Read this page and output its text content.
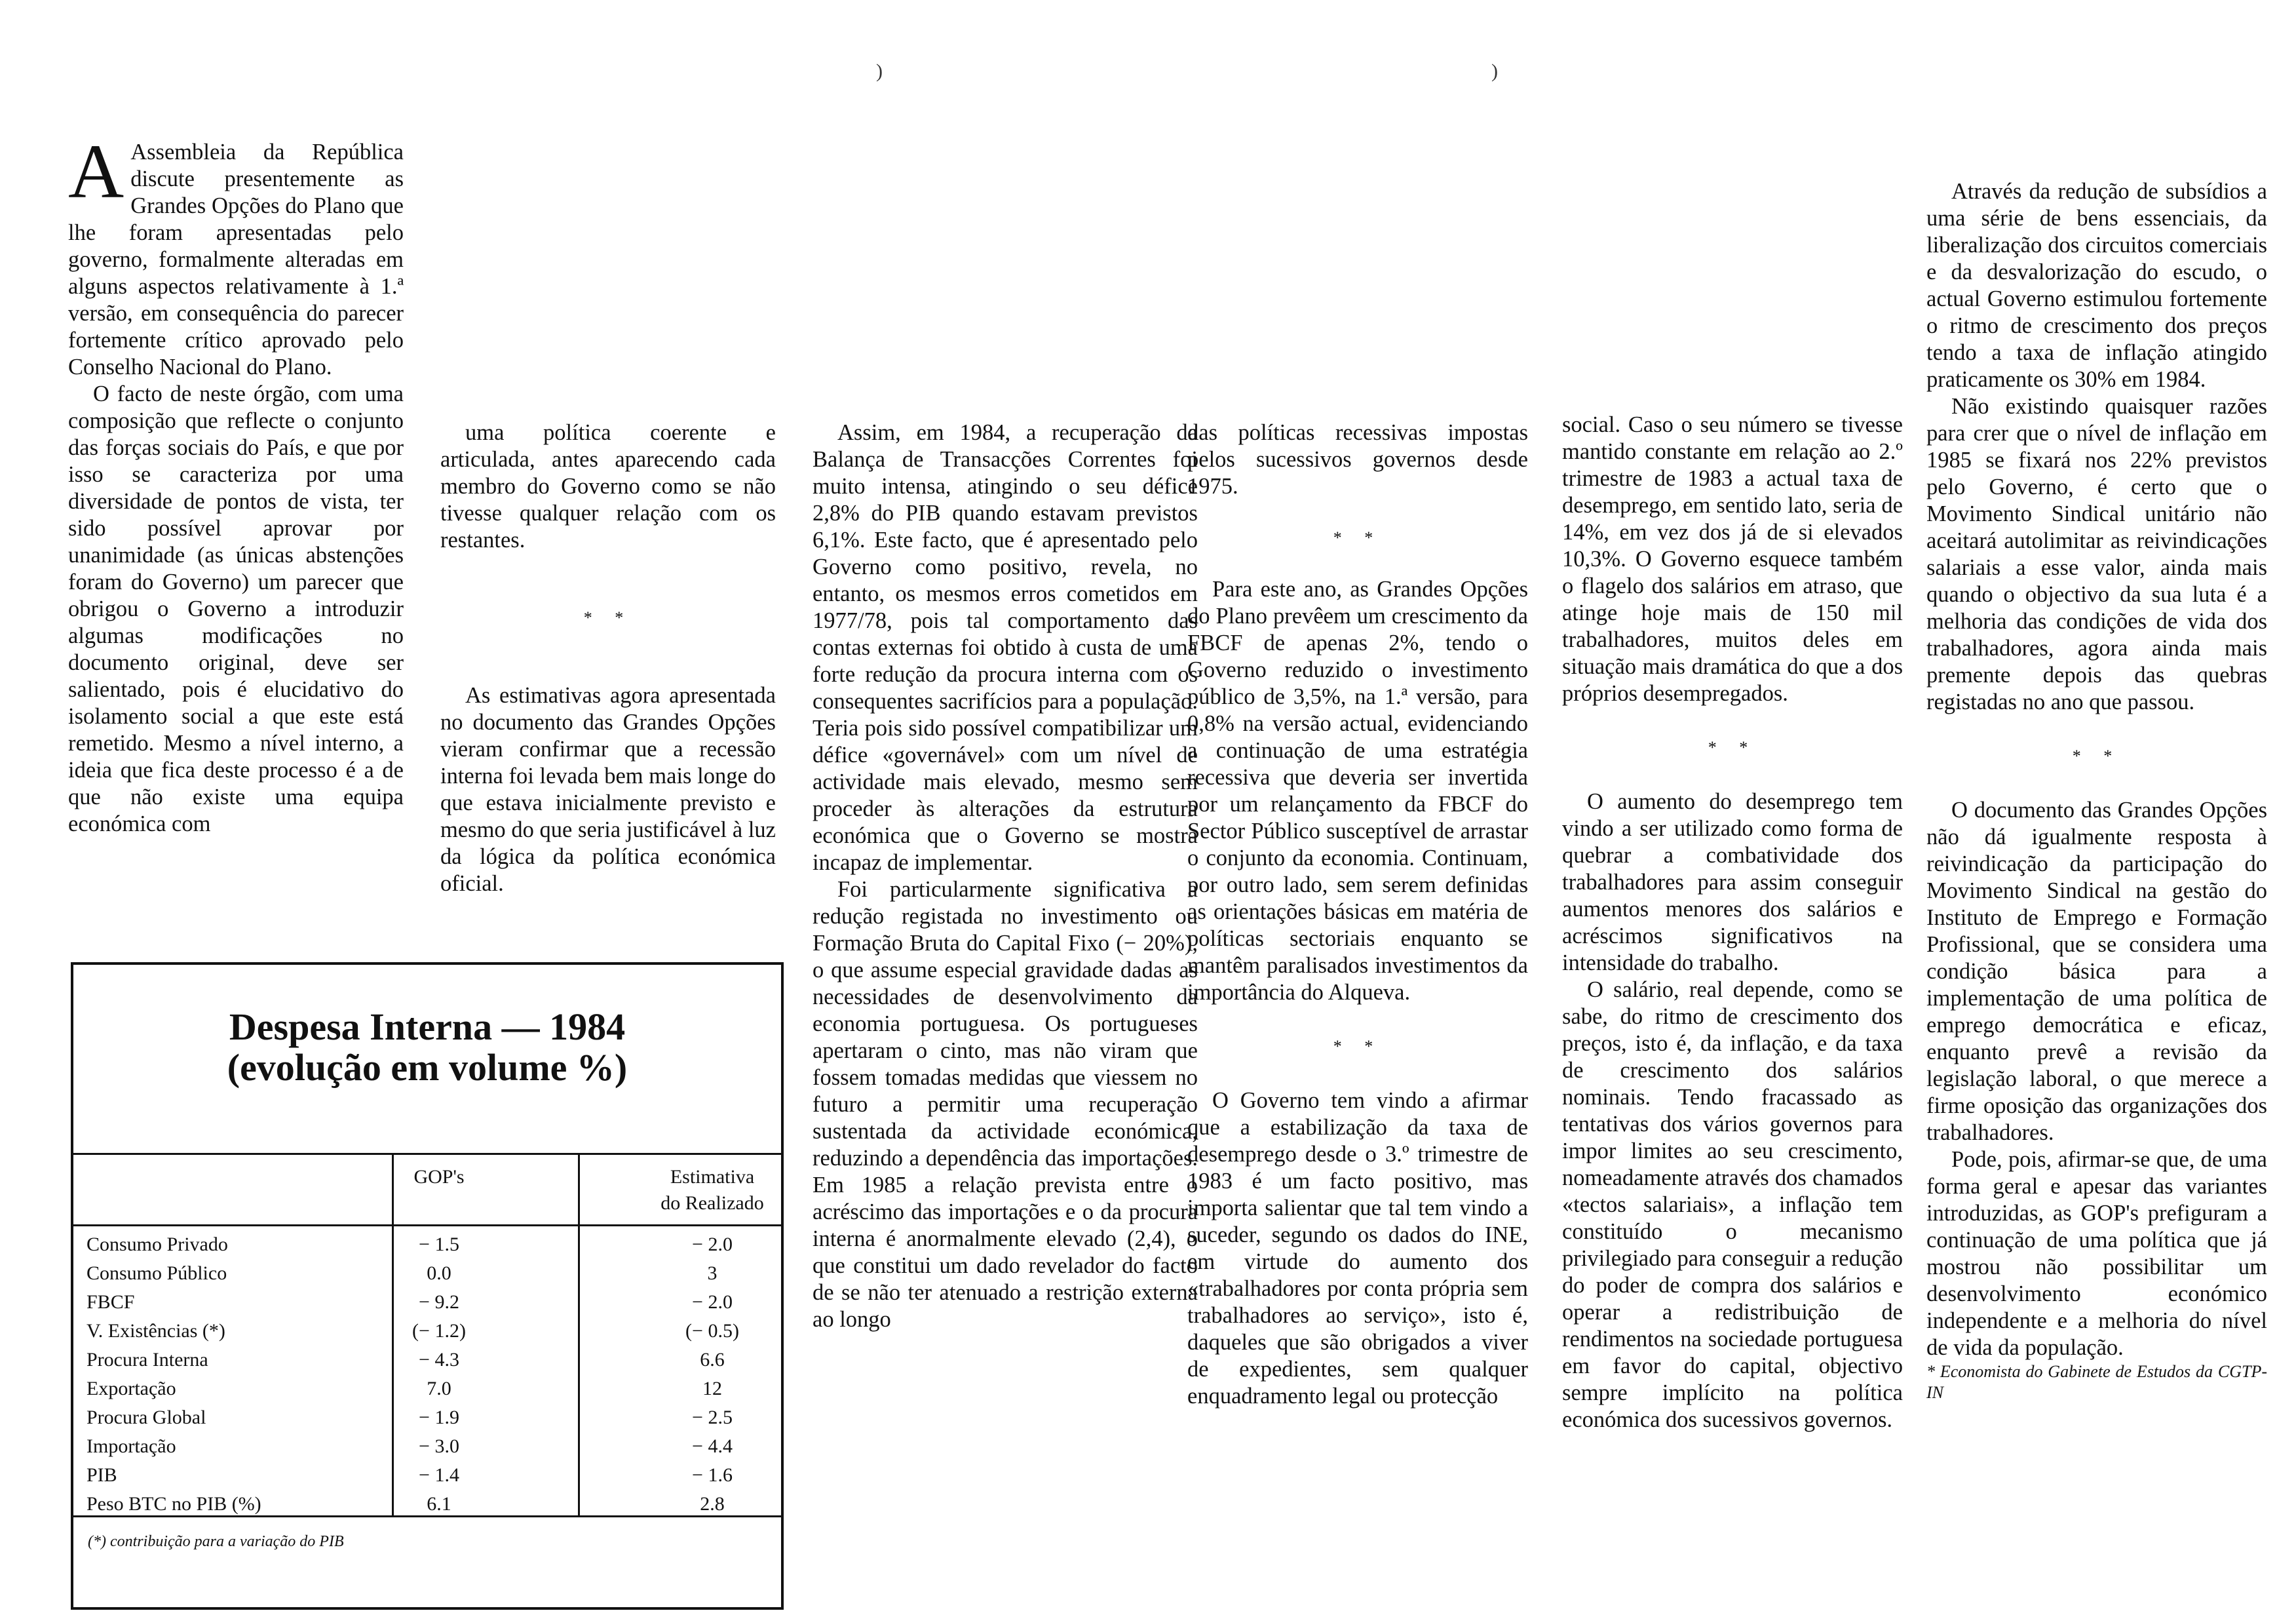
)	)

A Assembleia da República discute presentemente as Grandes Opções do Plano que lhe foram apresentadas pelo governo, formalmente alteradas em alguns aspectos relativamente à 1.ª versão, em consequência do parecer fortemente crítico aprovado pelo Conselho Nacional do Plano.

O facto de neste órgão, com uma composição que reflecte o conjunto das forças sociais do País, e que por isso se caracteriza por uma diversidade de pontos de vista, ter sido possível aprovar por unanimidade (as únicas abstenções foram do Governo) um parecer que obrigou o Governo a introduzir algumas modificações no documento original, deve ser salientado, pois é elucidativo do isolamento social a que este está remetido. Mesmo a nível interno, a ideia que fica deste processo é a de que não existe uma equipa económica com

uma política coerente e articulada, antes aparecendo cada membro do Governo como se não tivesse qualquer relação com os restantes.

* *

As estimativas agora apresentada no documento das Grandes Opções vieram confirmar que a recessão interna foi levada bem mais longe do que estava inicialmente previsto e mesmo do que seria justificável à luz da lógica da política económica oficial.

Assim, em 1984, a recuperação da Balança de Transacções Correntes foi muito intensa, atingindo o seu défice 2,8% do PIB quando estavam previstos 6,1%. Este facto, que é apresentado pelo Governo como positivo, revela, no entanto, os mesmos erros cometidos em 1977/78, pois tal comportamento das contas externas foi obtido à custa de uma forte redução da procura interna com os consequentes sacrifícios para a população. Teria pois sido possível compatibilizar um défice «governável» com um nível de actividade mais elevado, mesmo sem proceder às alterações da estrutura económica que o Governo se mostra incapaz de implementar.

Foi particularmente significativa a redução registada no investimento ou Formação Bruta do Capital Fixo (− 20%), o que assume especial gravidade dadas as necessidades de desenvolvimento da economia portuguesa. Os portugueses apertaram o cinto, mas não viram que fossem tomadas medidas que viessem no futuro a permitir uma recuperação sustentada da actividade económica, reduzindo a dependência das importações. Em 1985 a relação prevista entre o acréscimo das importações e o da procura interna é anormalmente elevado (2,4), o que constitui um dado revelador do facto de se não ter atenuado a restrição externa ao longo

das políticas recessivas impostas pelos sucessivos governos desde 1975.

* *

Para este ano, as Grandes Opções do Plano prevêem um crescimento da FBCF de apenas 2%, tendo o Governo reduzido o investimento público de 3,5%, na 1.ª versão, para 0,8% na versão actual, evidenciando a continuação de uma estratégia recessiva que deveria ser invertida por um relançamento da FBCF do Sector Público susceptível de arrastar o conjunto da economia. Continuam, por outro lado, sem serem definidas as orientações básicas em matéria de políticas sectoriais enquanto se mantêm paralisados investimentos da importância do Alqueva.

* *

O Governo tem vindo a afirmar que a estabilização da taxa de desemprego desde o 3.º trimestre de 1983 é um facto positivo, mas importa salientar que tal tem vindo a suceder, segundo os dados do INE, em virtude do aumento dos «trabalhadores por conta própria sem trabalhadores ao serviço», isto é, daqueles que são obrigados a viver de expedientes, sem qualquer enquadramento legal ou protecção

social. Caso o seu número se tivesse mantido constante em relação ao 2.º trimestre de 1983 a actual taxa de desemprego, em sentido lato, seria de 14%, em vez dos já de si elevados 10,3%. O Governo esquece também o flagelo dos salários em atraso, que atinge hoje mais de 150 mil trabalhadores, muitos deles em situação mais dramática do que a dos próprios desempregados.

* *

O aumento do desemprego tem vindo a ser utilizado como forma de quebrar a combatividade dos trabalhadores para assim conseguir aumentos menores dos salários e acréscimos significativos na intensidade do trabalho.

O salário, real depende, como se sabe, do ritmo de crescimento dos preços, isto é, da inflação, e da taxa de crescimento dos salários nominais. Tendo fracassado as tentativas dos vários governos para impor limites ao seu crescimento, nomeadamente através dos chamados «tectos salariais», a inflação tem constituído o mecanismo privilegiado para conseguir a redução do poder de compra dos salários e operar a redistribuição de rendimentos na sociedade portuguesa em favor do capital, objectivo sempre implícito na política económica dos sucessivos governos.

Através da redução de subsídios a uma série de bens essenciais, da liberalização dos circuitos comerciais e da desvalorização do escudo, o actual Governo estimulou fortemente o ritmo de crescimento dos preços tendo a taxa de inflação atingido praticamente os 30% em 1984.

Não existindo quaisquer razões para crer que o nível de inflação em 1985 se fixará nos 22% previstos pelo Governo, é certo que o Movimento Sindical unitário não aceitará autolimitar as reivindicações salariais a esse valor, ainda mais quando o objectivo da sua luta é a melhoria das condições de vida dos trabalhadores, agora ainda mais premente depois das quebras registadas no ano que passou.

* *

O documento das Grandes Opções não dá igualmente resposta à reivindicação da participação do Movimento Sindical na gestão do Instituto de Emprego e Formação Profissional, que se considera uma condição básica para a implementação de uma política de emprego democrática e eficaz, enquanto prevê a revisão da legislação laboral, o que merece a firme oposição das organizações dos trabalhadores.

Pode, pois, afirmar-se que, de uma forma geral e apesar das variantes introduzidas, as GOP's prefiguram a continuação de uma política que já mostrou não possibilitar um desenvolvimento económico independente e a melhoria do nível de vida da população.

* Economista do Gabinete de Estudos da CGTP-IN

Despesa Interna — 1984
(evolução em volume %)
GOP's	Estimativa
do Realizado
Consumo Privado	− 1.5	− 2.0
Consumo Público	0.0	3
FBCF	− 9.2	− 2.0
V. Existências (*)	(− 1.2)	(− 0.5)
Procura Interna	− 4.3	6.6
Exportação	7.0	12
Procura Global	− 1.9	− 2.5
Importação	− 3.0	− 4.4
PIB	− 1.4	− 1.6
Peso BTC no PIB (%)	6.1	2.8
(*) contribuição para a variação do PIB
